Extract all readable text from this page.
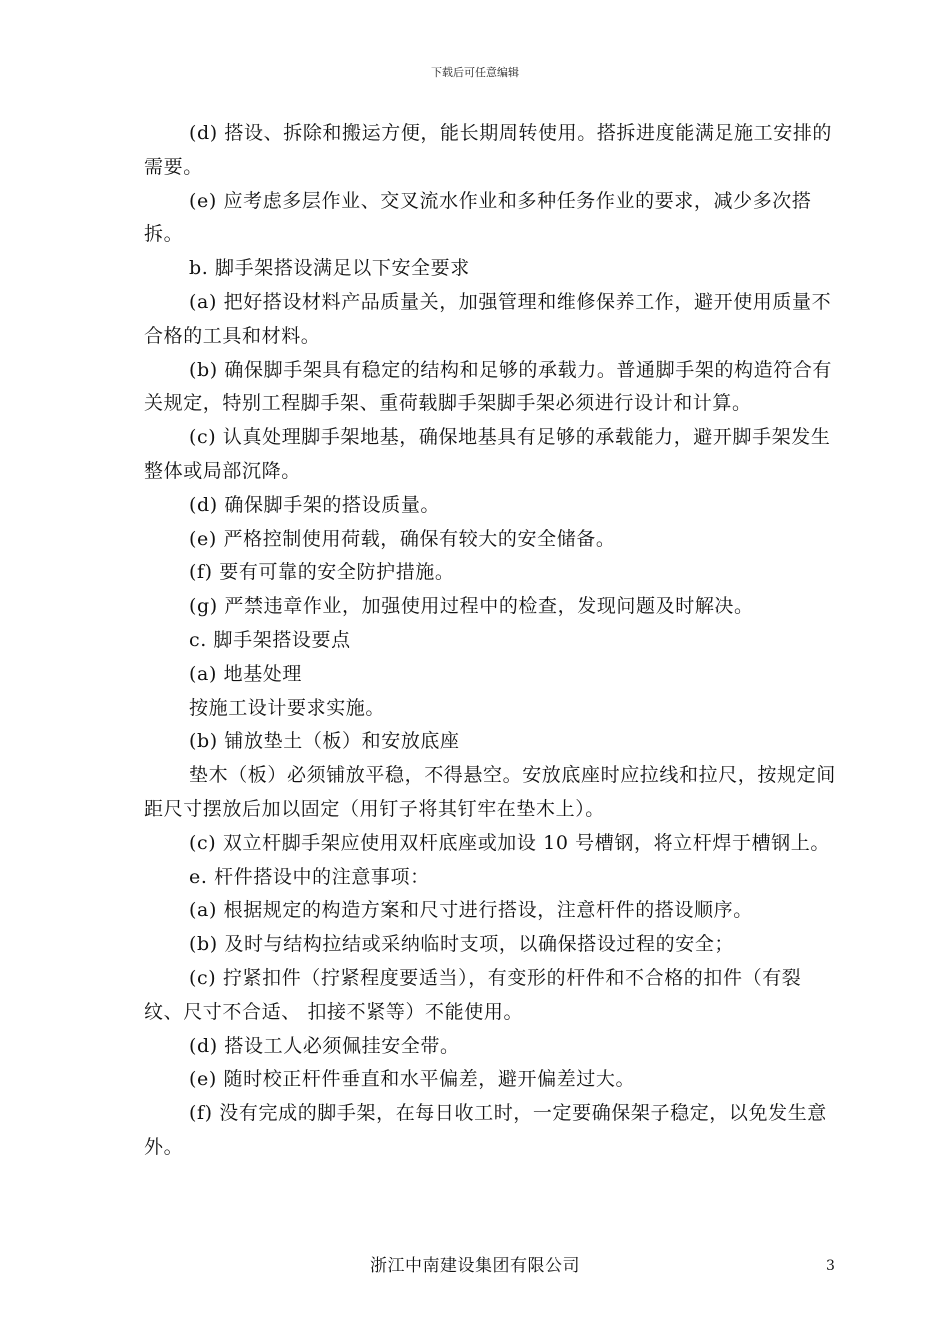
下载后可任意编辑

(d) 搭设、拆除和搬运方便，能长期周转使用。搭拆进度能满足施工安排的需要。

(e) 应考虑多层作业、交叉流水作业和多种任务作业的要求，减少多次搭拆。

b. 脚手架搭设满足以下安全要求

(a) 把好搭设材料产品质量关，加强管理和维修保养工作，避开使用质量不合格的工具和材料。

(b) 确保脚手架具有稳定的结构和足够的承载力。普通脚手架的构造符合有关规定，特别工程脚手架、重荷载脚手架脚手架必须进行设计和计算。

(c) 认真处理脚手架地基，确保地基具有足够的承载能力，避开脚手架发生整体或局部沉降。

(d) 确保脚手架的搭设质量。

(e) 严格控制使用荷载，确保有较大的安全储备。

(f) 要有可靠的安全防护措施。

(g) 严禁违章作业，加强使用过程中的检查，发现问题及时解决。

c. 脚手架搭设要点

(a) 地基处理

按施工设计要求实施。

(b) 铺放垫土（板）和安放底座

垫木（板）必须铺放平稳，不得悬空。安放底座时应拉线和拉尺，按规定间距尺寸摆放后加以固定（用钉子将其钉牢在垫木上）。

(c) 双立杆脚手架应使用双杆底座或加设 10 号槽钢，将立杆焊于槽钢上。

e. 杆件搭设中的注意事项：

(a) 根据规定的构造方案和尺寸进行搭设，注意杆件的搭设顺序。

(b) 及时与结构拉结或采纳临时支项，以确保搭设过程的安全；

(c) 拧紧扣件（拧紧程度要适当），有变形的杆件和不合格的扣件（有裂纹、尺寸不合适、 扣接不紧等）不能使用。

(d) 搭设工人必须佩挂安全带。

(e) 随时校正杆件垂直和水平偏差，避开偏差过大。

(f) 没有完成的脚手架，在每日收工时，一定要确保架子稳定，以免发生意外。

浙江中南建设集团有限公司	3
